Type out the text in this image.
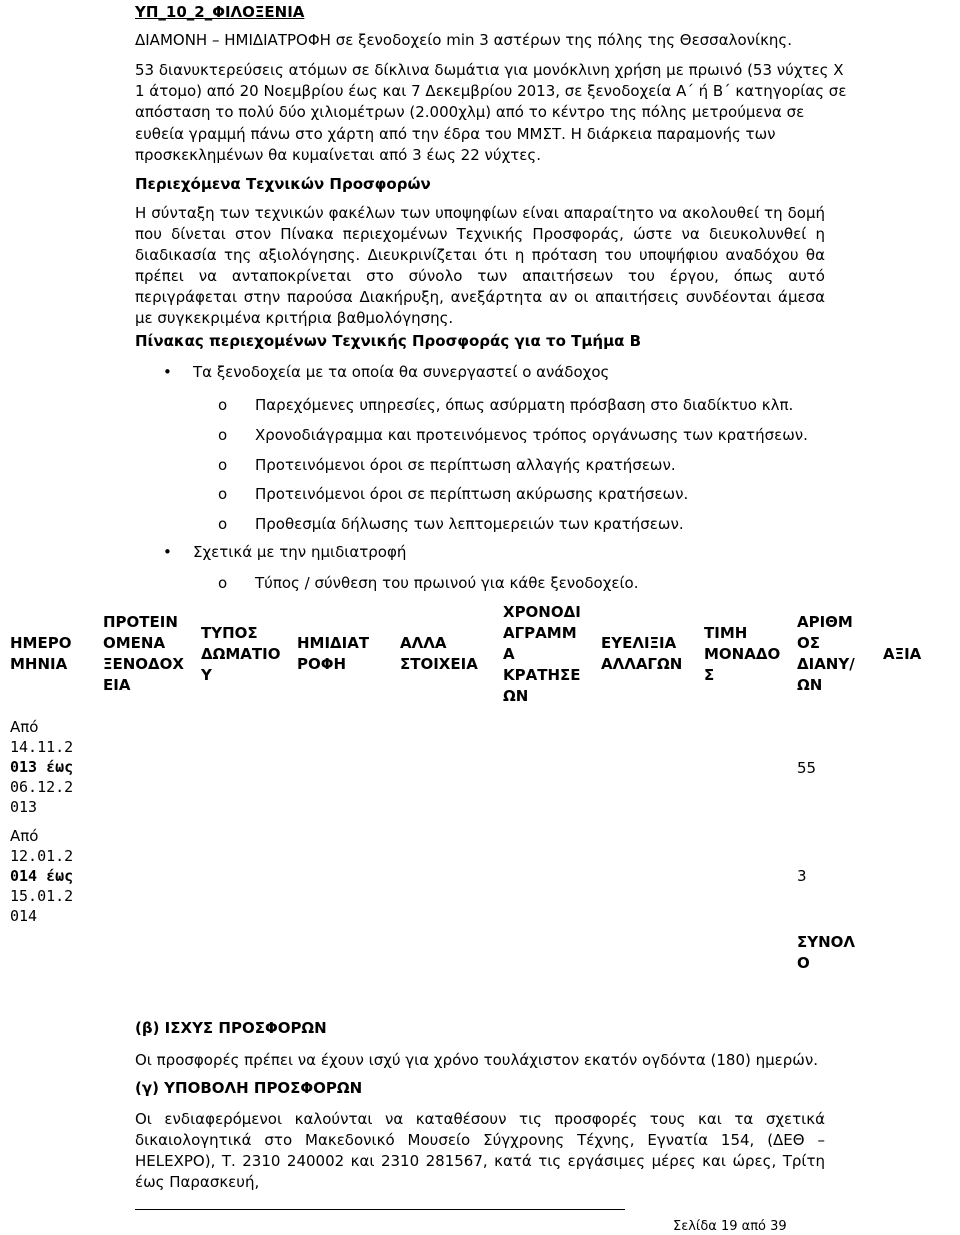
ΥΠ_10_2_ΦΙΛΟΞΕΝΙΑ
ΔΙΑΜΟΝΗ – ΗΜΙΔΙΑΤΡΟΦΗ σε ξενοδοχείο min 3 αστέρων της πόλης της Θεσσαλονίκης.
53 διανυκτερεύσεις ατόμων σε δίκλινα δωμάτια για μονόκλινη χρήση με πρωινό (53 νύχτες Χ
1 άτομο) από 20 Νοεμβρίου έως και 7 Δεκεμβρίου 2013, σε ξενοδοχεία Α΄ ή Β΄ κατηγορίας σε
απόσταση το πολύ δύο χιλιομέτρων (2.000χλμ) από το κέντρο της πόλης μετρούμενα σε
ευθεία γραμμή πάνω στο χάρτη από την έδρα του ΜΜΣΤ. Η διάρκεια παραμονής των
προσκεκλημένων θα κυμαίνεται από 3 έως 22 νύχτες.
Περιεχόμενα Τεχνικών Προσφορών
Η σύνταξη των τεχνικών φακέλων των υποψηφίων είναι απαραίτητο να ακολουθεί τη δομή που δίνεται στον Πίνακα περιεχομένων Τεχνικής Προσφοράς, ώστε να διευκολυνθεί η διαδικασία της αξιολόγησης. Διευκρινίζεται ότι η πρόταση του υποψήφιου αναδόχου θα πρέπει να ανταποκρίνεται στο σύνολο των απαιτήσεων του έργου, όπως αυτό περιγράφεται στην παρούσα Διακήρυξη, ανεξάρτητα αν οι απαιτήσεις συνδέονται άμεσα με συγκεκριμένα κριτήρια βαθμολόγησης.
Πίνακας περιεχομένων Τεχνικής Προσφοράς για το Τμήμα Β
• Τα ξενοδοχεία με τα οποία θα συνεργαστεί ο ανάδοχος
o Παρεχόμενες υπηρεσίες, όπως ασύρματη πρόσβαση στο διαδίκτυο κλπ.
o Χρονοδιάγραμμα και προτεινόμενος τρόπος οργάνωσης των κρατήσεων.
o Προτεινόμενοι όροι σε περίπτωση αλλαγής κρατήσεων.
o Προτεινόμενοι όροι σε περίπτωση ακύρωσης κρατήσεων.
o Προθεσμία δήλωσης των λεπτομερειών των κρατήσεων.
• Σχετικά με την ημιδιατροφή
o Τύπος / σύνθεση του πρωινού για κάθε ξενοδοχείο.
ΗΜΕΡΟ ΜΗΝΙΑ	ΠΡΟΤΕΙΝ ΟΜΕΝΑ ΞΕΝΟΔΟΧ ΕΙΑ	ΤΥΠΟΣ ΔΩΜΑΤΙΟ Υ	ΗΜΙΔΙΑΤ ΡΟΦΗ	ΑΛΛΑ ΣΤΟΙΧΕΙΑ	ΧΡΟΝΟΔΙ ΑΓΡΑΜΜ Α ΚΡΑΤΗΣΕ ΩΝ	ΕΥΕΛΙΞΙΑ ΑΛΛΑΓΩΝ	ΤΙΜΗ ΜΟΝΑΔΟ Σ	ΑΡΙΘΜ ΟΣ ΔΙΑΝΥ/ ΩΝ	ΑΞΙΑ

Από
14.11.2
013 έως
06.12.2
013								55	

Από
12.01.2
014 έως
15.01.2
014								3	
								ΣΥΝΟΛ Ο	
(β) ΙΣΧΥΣ ΠΡΟΣΦΟΡΩΝ
Οι προσφορές πρέπει να έχουν ισχύ για χρόνο τουλάχιστον εκατόν ογδόντα (180) ημερών.
(γ) ΥΠΟΒΟΛΗ ΠΡΟΣΦΟΡΩΝ
Οι ενδιαφερόμενοι καλούνται να καταθέσουν τις προσφορές τους και τα σχετικά δικαιολογητικά στο Μακεδονικό Μουσείο Σύγχρονης Τέχνης, Εγνατία 154, (ΔΕΘ – HELEXPO), Τ. 2310 240002 και 2310 281567, κατά τις εργάσιμες μέρες και ώρες, Τρίτη έως Παρασκευή,
Σελίδα 19 από 39
